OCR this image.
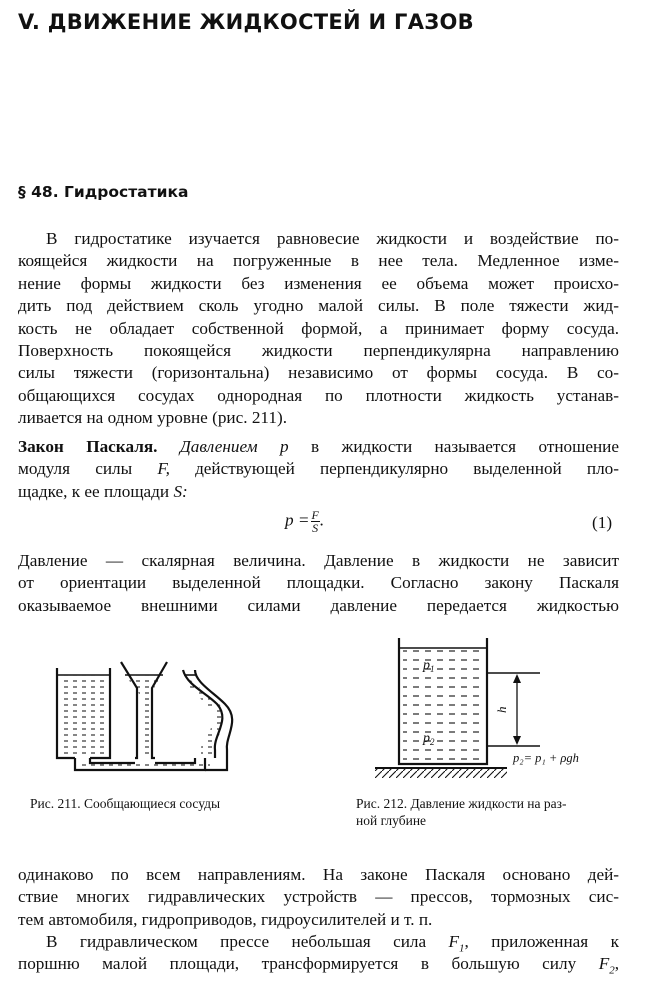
V. ДВИЖЕНИЕ ЖИДКОСТЕЙ И ГАЗОВ
§ 48. Гидростатика
В гидростатике изучается равновесие жидкости и воздействие по-
коящейся жидкости на погруженные в нее тела. Медленное изме-
нение формы жидкости без изменения ее объема может происхо-
дить под действием сколь угодно малой силы. В поле тяжести жид-
кость не обладает собственной формой, а принимает форму сосуда.
Поверхность покоящейся жидкости перпендикулярна направлению
силы тяжести (горизонтальна) независимо от формы сосуда. В со-
общающихся сосудах однородная по плотности жидкость устанав-
ливается на одном уровне (рис. 211).
Закон Паскаля. Давлением p в жидкости называется отношение
модуля силы F, действующей перпендикулярно выделенной пло-
щадке, к ее площади S:
$p = \frac{F}{S}$ .	(1)
Давление — скалярная величина. Давление в жидкости не зависит
от ориентации выделенной площадки. Согласно закону Паскаля
оказываемое внешними силами давление передается жидкостью
Рис. 211. Сообщающиеся сосуды
$p_1$
$p_2$
h
p₂= p₁ + ρgh
Рис. 212. Давление жидкости на раз-
ной глубине
одинаково по всем направлениям. На законе Паскаля основано дей-
ствие многих гидравлических устройств — прессов, тормозных сис-
тем автомобиля, гидроприводов, гидроусилителей и т. п.
В гидравлическом прессе небольшая сила $F_1$, приложенная к
поршню малой площади, трансформируется в большую силу $F_2$,
